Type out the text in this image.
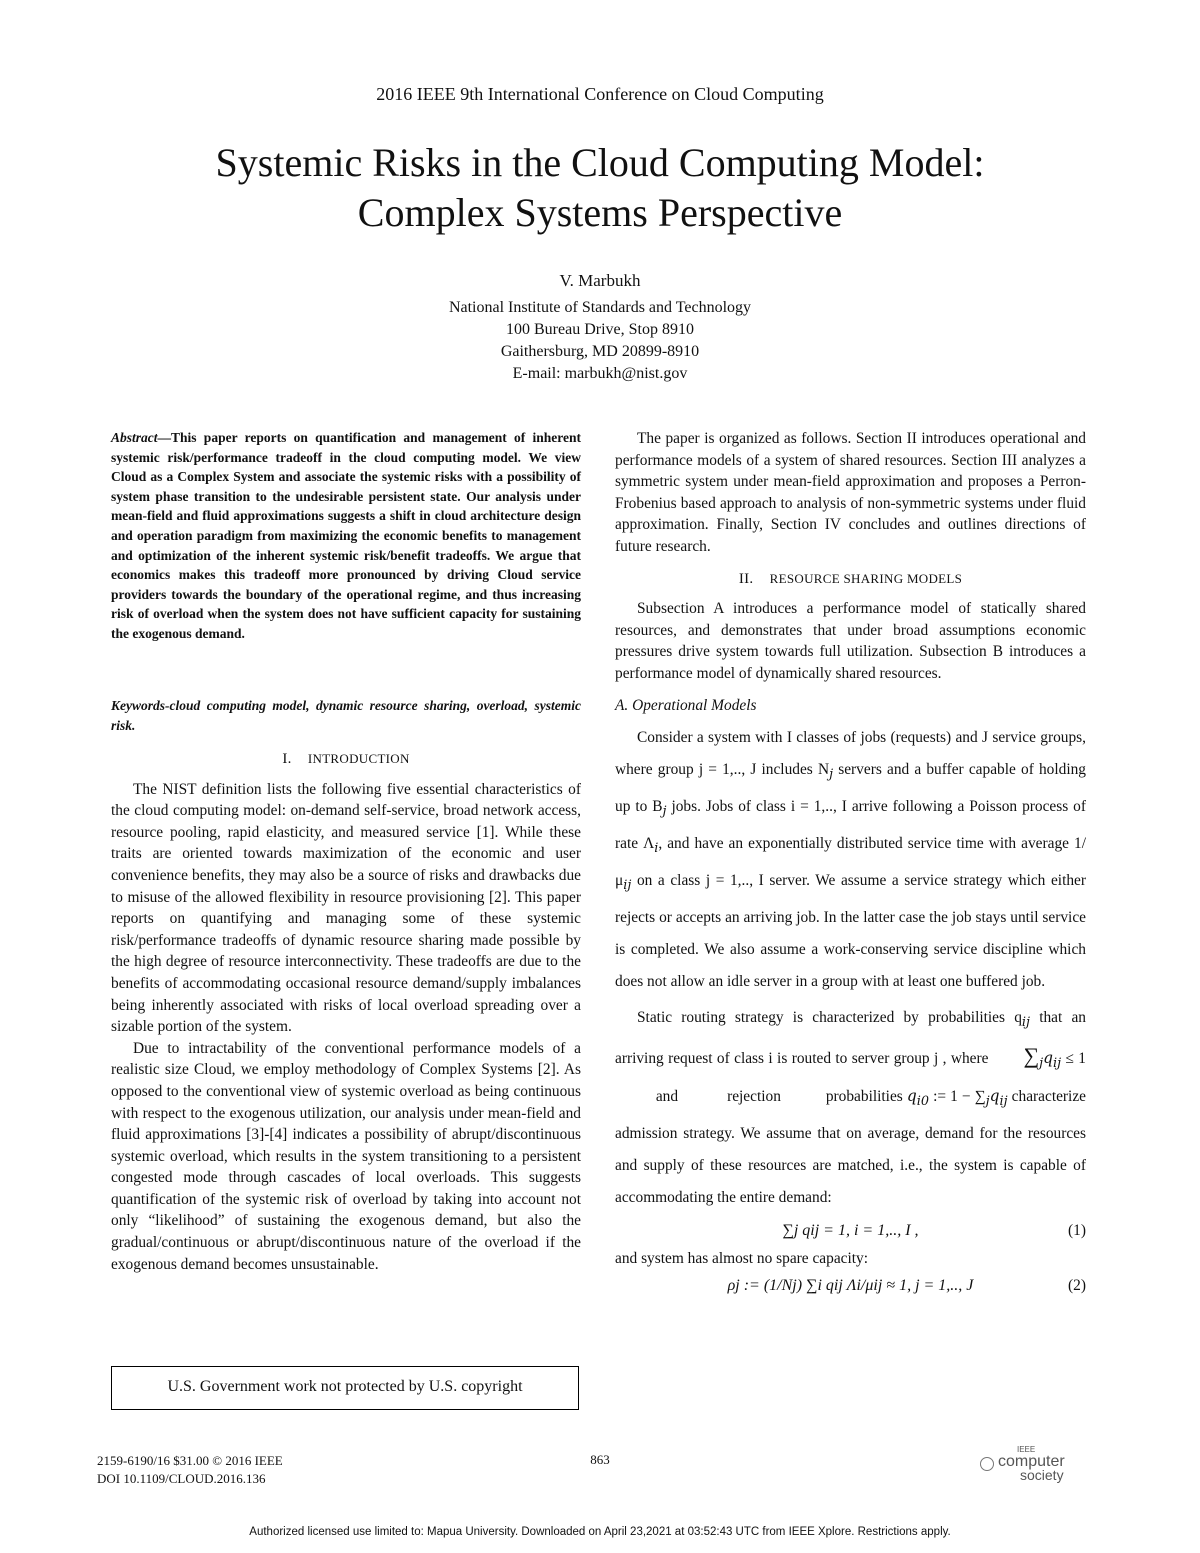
2016 IEEE 9th International Conference on Cloud Computing
Systemic Risks in the Cloud Computing Model:
Complex Systems Perspective
V. Marbukh
National Institute of Standards and Technology
100 Bureau Drive, Stop 8910
Gaithersburg, MD 20899-8910
E-mail: marbukh@nist.gov
Abstract—This paper reports on quantification and management of inherent systemic risk/performance tradeoff in the cloud computing model. We view Cloud as a Complex System and associate the systemic risks with a possibility of system phase transition to the undesirable persistent state. Our analysis under mean-field and fluid approximations suggests a shift in cloud architecture design and operation paradigm from maximizing the economic benefits to management and optimization of the inherent systemic risk/benefit tradeoffs. We argue that economics makes this tradeoff more pronounced by driving Cloud service providers towards the boundary of the operational regime, and thus increasing risk of overload when the system does not have sufficient capacity for sustaining the exogenous demand.
Keywords-cloud computing model, dynamic resource sharing, overload, systemic risk.
I. INTRODUCTION

The NIST definition lists the following five essential characteristics of the cloud computing model: on-demand self-service, broad network access, resource pooling, rapid elasticity, and measured service [1]. While these traits are oriented towards maximization of the economic and user convenience benefits, they may also be a source of risks and drawbacks due to misuse of the allowed flexibility in resource provisioning [2]. This paper reports on quantifying and managing some of these systemic risk/performance tradeoffs of dynamic resource sharing made possible by the high degree of resource interconnectivity. These tradeoffs are due to the benefits of accommodating occasional resource demand/supply imbalances being inherently associated with risks of local overload spreading over a sizable portion of the system.

Due to intractability of the conventional performance models of a realistic size Cloud, we employ methodology of Complex Systems [2]. As opposed to the conventional view of systemic overload as being continuous with respect to the exogenous utilization, our analysis under mean-field and fluid approximations [3]-[4] indicates a possibility of abrupt/discontinuous systemic overload, which results in the system transitioning to a persistent congested mode through cascades of local overloads. This suggests quantification of the systemic risk of overload by taking into account not only “likelihood” of sustaining the exogenous demand, but also the gradual/continuous or abrupt/discontinuous nature of the overload if the exogenous demand becomes unsustainable.

U.S. Government work not protected by U.S. copyright

The paper is organized as follows. Section II introduces operational and performance models of a system of shared resources. Section III analyzes a symmetric system under mean-field approximation and proposes a Perron-Frobenius based approach to analysis of non-symmetric systems under fluid approximation. Finally, Section IV concludes and outlines directions of future research.

II. RESOURCE SHARING MODELS

Subsection A introduces a performance model of statically shared resources, and demonstrates that under broad assumptions economic pressures drive system towards full utilization. Subsection B introduces a performance model of dynamically shared resources.

A. Operational Models
Consider a system with I classes of jobs (requests) and J service groups, where group j = 1,.., J includes $N_j$ servers and a buffer capable of holding up to $B_j$ jobs. Jobs of class i = 1,.., I arrive following a Poisson process of rate $\Lambda_i$, and have an exponentially distributed service time with average $1/\mu_{ij}$ on a class j = 1,.., I server. We assume a service strategy which either rejects or accepts an arriving job. In the latter case the job stays until service is completed. We also assume a work-conserving service discipline which does not allow an idle server in a group with at least one buffered job.
Static routing strategy is characterized by probabilities $q_{ij}$ that an arriving request of class i is routed to server group j , where $\sum_jq_{ij} \le 1$           and	rejection	probabilities $q_{i0}$ := $1 - \sum_jq_{ij}$ characterize admission strategy. We assume that on average, demand for the resources and supply of these resources are matched, i.e., the system is capable of accommodating the entire demand:
∑j qij = 1, i = 1,.., I ,	(1)

and system has almost no spare capacity:

ρj := (1/Nj) ∑i qij Λi/μij ≈ 1, j = 1,.., J	(2)
2159-6190/16 $31.00 © 2016 IEEE
DOI 10.1109/CLOUD.2016.136
863
IEEE
computer
society
Authorized licensed use limited to: Mapua University. Downloaded on April 23,2021 at 03:52:43 UTC from IEEE Xplore. Restrictions apply.
